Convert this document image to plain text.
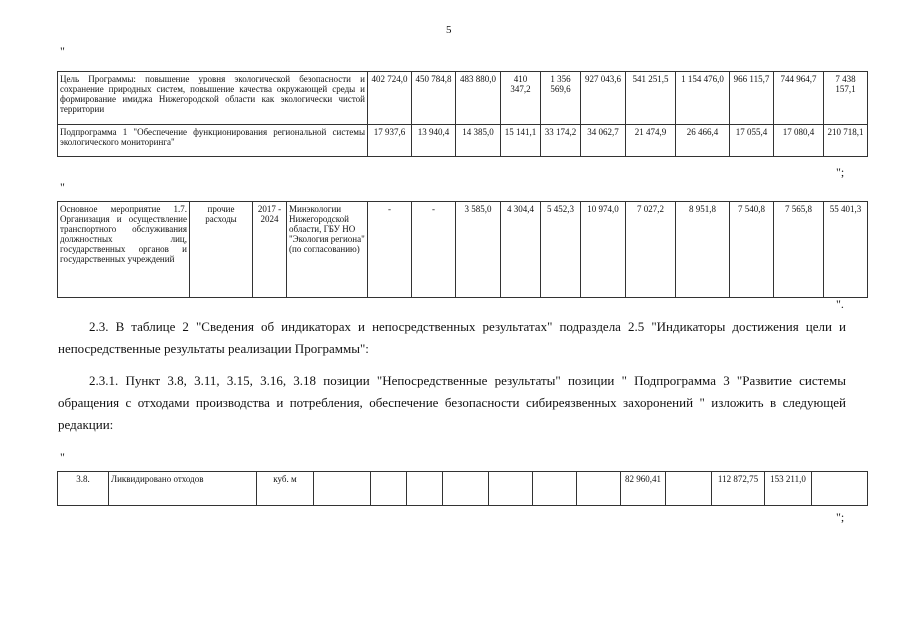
5
"
Цель Программы: повышение уровня экологической безопасности и сохранение природных систем, повышение качества окружающей среды и формирование имиджа Нижегородской области как экологически чистой территории	402 724,0	450 784,8	483 880,0	410 347,2	1 356 569,6	927 043,6	541 251,5	1 154 476,0	966 115,7	744 964,7	7 438 157,1
Подпрограмма 1 "Обеспечение функционирования региональной системы экологического мониторинга"	17 937,6	13 940,4	14 385,0	15 141,1	33 174,2	34 062,7	21 474,9	26 466,4	17 055,4	17 080,4	210 718,1
";
"
Основное мероприятие 1.7. Организация и осуществление транспортного обслуживания должностных лиц, государственных органов и государственных учреждений	прочие расходы	2017 - 2024	Минэкологии Нижегородской области, ГБУ НО "Экология региона" (по согласованию)	-	-	3 585,0	4 304,4	5 452,3	10 974,0	7 027,2	8 951,8	7 540,8	7 565,8	55 401,3
".
2.3. В таблице 2 "Сведения об индикаторах и непосредственных результатах" подраздела 2.5 "Индикаторы достижения цели и непосредственные результаты реализации Программы":
2.3.1. Пункт 3.8, 3.11, 3.15, 3.16, 3.18 позиции "Непосредственные результаты" позиции " Подпрограмма 3 "Развитие системы обращения с отходами производства и потребления, обеспечение безопасности сибиреязвенных захоронений " изложить в следующей редакции:
"
3.8.	Ликвидировано отходов	куб. м								82 960,41		112 872,75	153 211,0	
";
